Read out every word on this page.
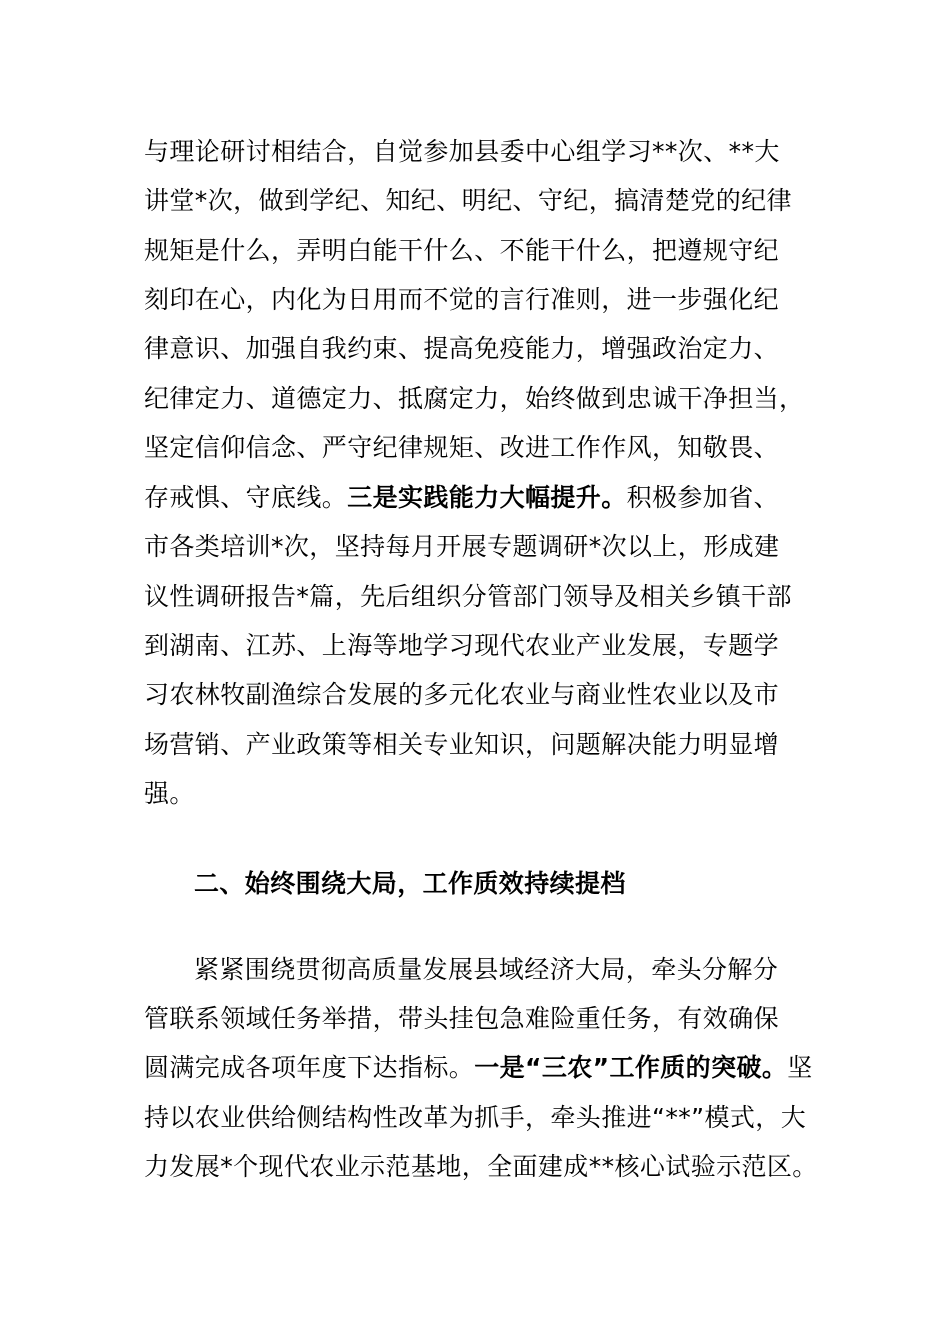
与理论研讨相结合，自觉参加县委中心组学习**次、**大
讲堂*次，做到学纪、知纪、明纪、守纪，搞清楚党的纪律
规矩是什么，弄明白能干什么、不能干什么，把遵规守纪
刻印在心，内化为日用而不觉的言行准则，进一步强化纪
律意识、加强自我约束、提高免疫能力，增强政治定力、
纪律定力、道德定力、抵腐定力，始终做到忠诚干净担当，
坚定信仰信念、严守纪律规矩、改进工作作风，知敬畏、
存戒惧、守底线。三是实践能力大幅提升。积极参加省、
市各类培训*次，坚持每月开展专题调研*次以上，形成建
议性调研报告*篇，先后组织分管部门领导及相关乡镇干部
到湖南、江苏、上海等地学习现代农业产业发展，专题学
习农林牧副渔综合发展的多元化农业与商业性农业以及市
场营销、产业政策等相关专业知识，问题解决能力明显增
强。
二、始终围绕大局，工作质效持续提档
紧紧围绕贯彻高质量发展县域经济大局，牵头分解分
管联系领域任务举措，带头挂包急难险重任务，有效确保
圆满完成各项年度下达指标。一是“三农”工作质的突破。坚
持以农业供给侧结构性改革为抓手，牵头推进“**”模式，大
力发展*个现代农业示范基地，全面建成**核心试验示范区。
